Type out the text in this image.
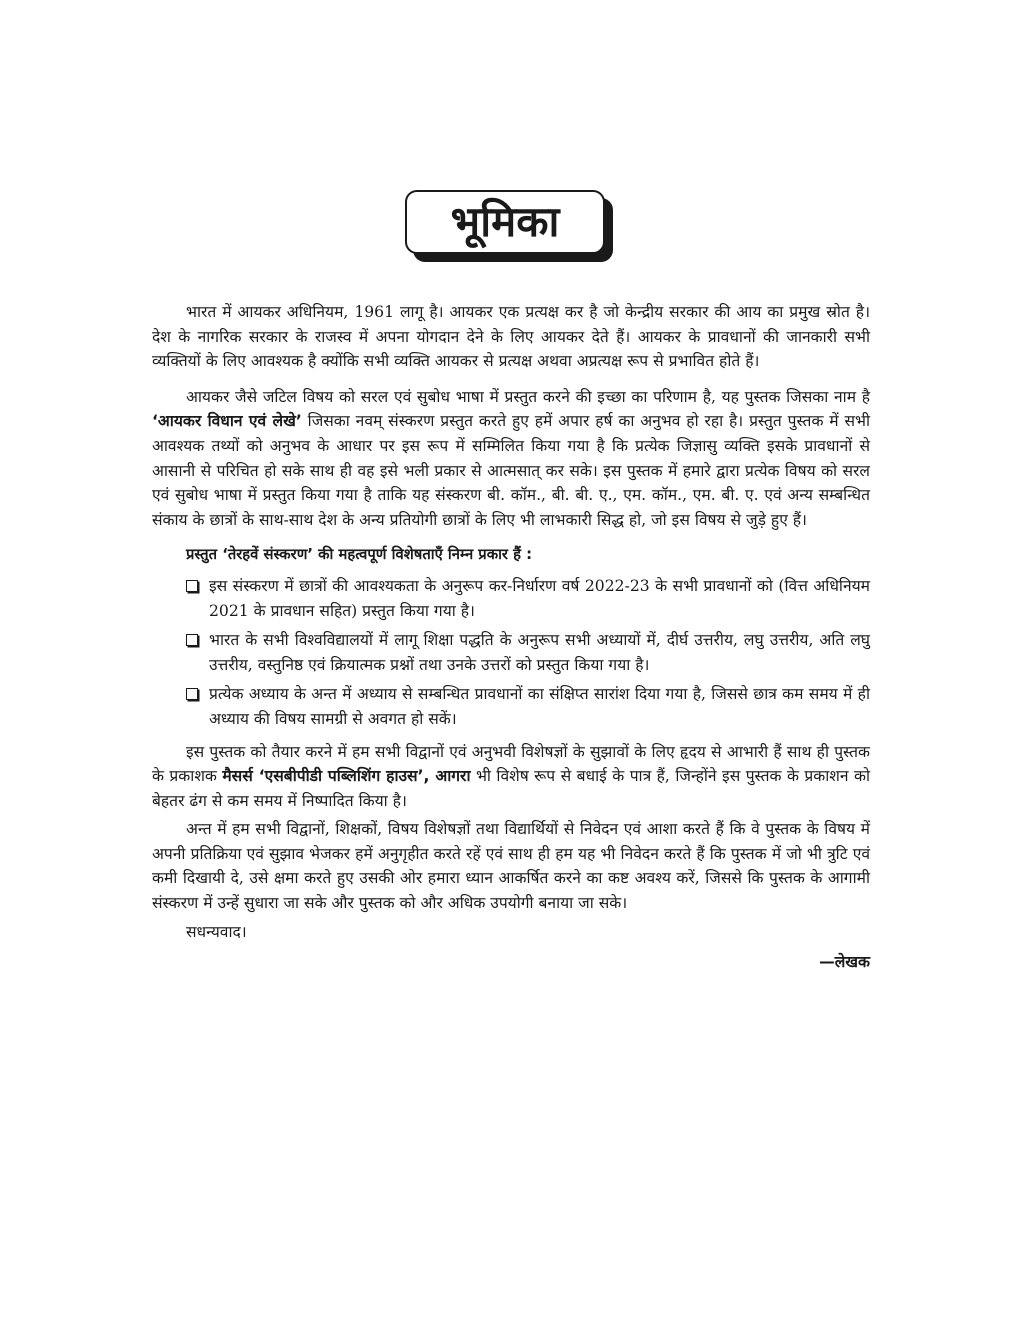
भूमिका

भारत में आयकर अधिनियम, 1961 लागू है। आयकर एक प्रत्यक्ष कर है जो केन्द्रीय सरकार की आय का प्रमुख स्रोत है। देश के नागरिक सरकार के राजस्व में अपना योगदान देने के लिए आयकर देते हैं। आयकर के प्रावधानों की जानकारी सभी व्यक्तियों के लिए आवश्यक है क्योंकि सभी व्यक्ति आयकर से प्रत्यक्ष अथवा अप्रत्यक्ष रूप से प्रभावित होते हैं।

आयकर जैसे जटिल विषय को सरल एवं सुबोध भाषा में प्रस्तुत करने की इच्छा का परिणाम है, यह पुस्तक जिसका नाम है ‘आयकर विधान एवं लेखे’ जिसका नवम् संस्करण प्रस्तुत करते हुए हमें अपार हर्ष का अनुभव हो रहा है। प्रस्तुत पुस्तक में सभी आवश्यक तथ्यों को अनुभव के आधार पर इस रूप में सम्मिलित किया गया है कि प्रत्येक जिज्ञासु व्यक्ति इसके प्रावधानों से आसानी से परिचित हो सके साथ ही वह इसे भली प्रकार से आत्मसात् कर सके। इस पुस्तक में हमारे द्वारा प्रत्येक विषय को सरल एवं सुबोध भाषा में प्रस्तुत किया गया है ताकि यह संस्करण बी. कॉम., बी. बी. ए., एम. कॉम., एम. बी. ए. एवं अन्य सम्बन्धित संकाय के छात्रों के साथ-साथ देश के अन्य प्रतियोगी छात्रों के लिए भी लाभकारी सिद्ध हो, जो इस विषय से जुड़े हुए हैं।

प्रस्तुत ‘तेरहवें संस्करण’ की महत्वपूर्ण विशेषताएँ निम्न प्रकार हैं :

इस संस्करण में छात्रों की आवश्यकता के अनुरूप कर-निर्धारण वर्ष 2022-23 के सभी प्रावधानों को (वित्त अधिनियम 2021 के प्रावधान सहित) प्रस्तुत किया गया है।
भारत के सभी विश्वविद्यालयों में लागू शिक्षा पद्धति के अनुरूप सभी अध्यायों में, दीर्घ उत्तरीय, लघु उत्तरीय, अति लघु उत्तरीय, वस्तुनिष्ठ एवं क्रियात्मक प्रश्नों तथा उनके उत्तरों को प्रस्तुत किया गया है।
प्रत्येक अध्याय के अन्त में अध्याय से सम्बन्धित प्रावधानों का संक्षिप्त सारांश दिया गया है, जिससे छात्र कम समय में ही अध्याय की विषय सामग्री से अवगत हो सकें।

इस पुस्तक को तैयार करने में हम सभी विद्वानों एवं अनुभवी विशेषज्ञों के सुझावों के लिए हृदय से आभारी हैं साथ ही पुस्तक के प्रकाशक मैसर्स ‘एसबीपीडी पब्लिशिंग हाउस’, आगरा भी विशेष रूप से बधाई के पात्र हैं, जिन्होंने इस पुस्तक के प्रकाशन को बेहतर ढंग से कम समय में निष्पादित किया है।

अन्त में हम सभी विद्वानों, शिक्षकों, विषय विशेषज्ञों तथा विद्यार्थियों से निवेदन एवं आशा करते हैं कि वे पुस्तक के विषय में अपनी प्रतिक्रिया एवं सुझाव भेजकर हमें अनुगृहीत करते रहें एवं साथ ही हम यह भी निवेदन करते हैं कि पुस्तक में जो भी त्रुटि एवं कमी दिखायी दे, उसे क्षमा करते हुए उसकी ओर हमारा ध्यान आकर्षित करने का कष्ट अवश्य करें, जिससे कि पुस्तक के आगामी संस्करण में उन्हें सुधारा जा सके और पुस्तक को और अधिक उपयोगी बनाया जा सके।

सधन्यवाद।

—लेखक
